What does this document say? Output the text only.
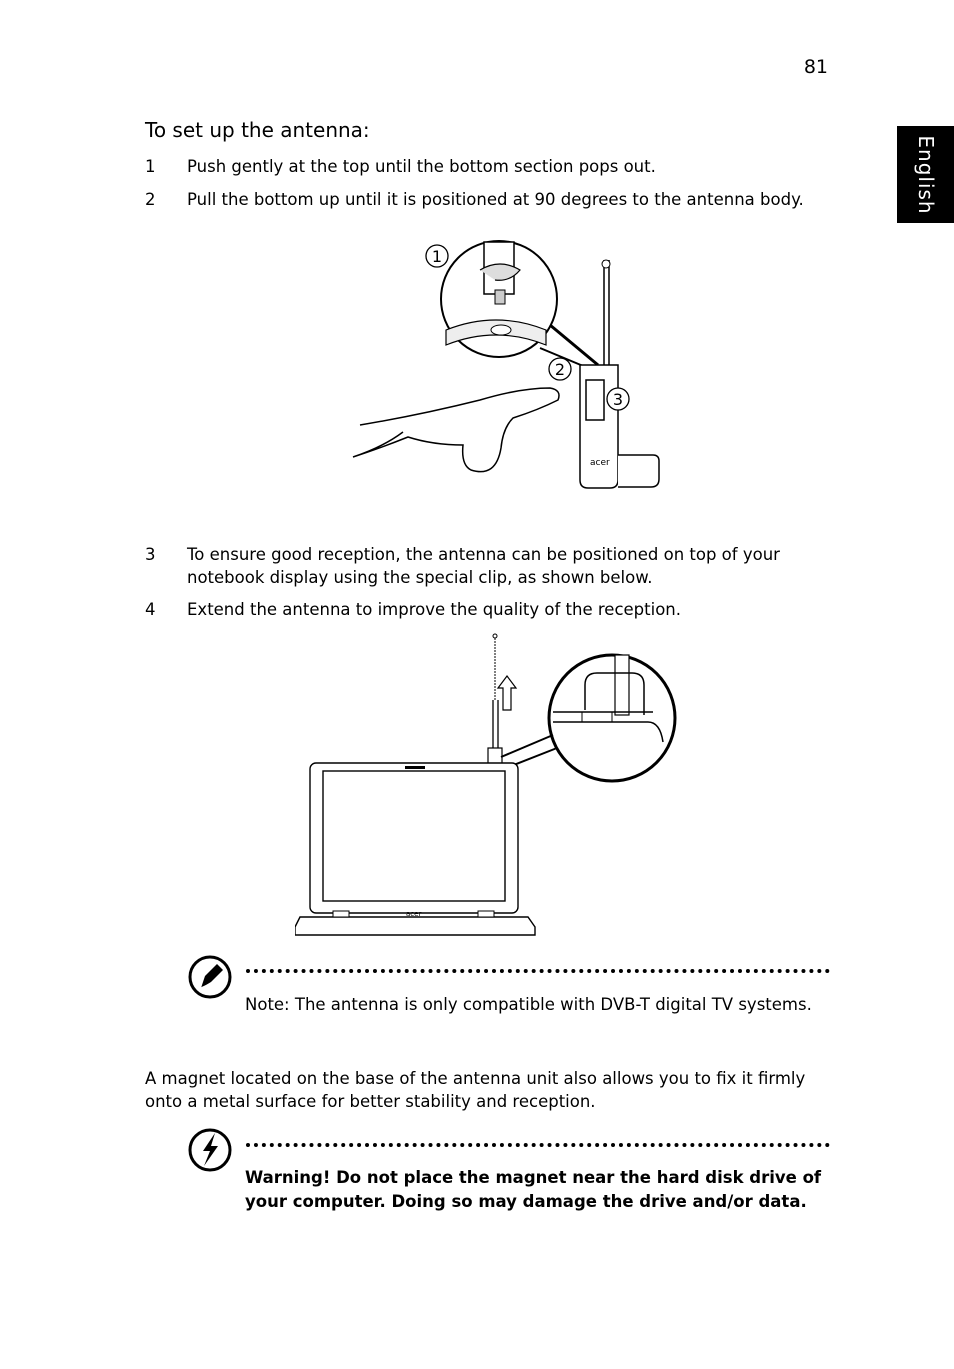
81
English
To set up the antenna:
1 Push gently at the top until the bottom section pops out.
2 Pull the bottom up until it is positioned at 90 degrees to the antenna body.
acer
1
2
3
3 To ensure good reception, the antenna can be positioned on top of your notebook display using the special clip, as shown below.
4 Extend the antenna to improve the quality of the reception.
acer
Note: The antenna is only compatible with DVB-T digital TV systems.
A magnet located on the base of the antenna unit also allows you to fix it firmly onto a metal surface for better stability and reception.
Warning! Do not place the magnet near the hard disk drive of your computer. Doing so may damage the drive and/or data.
